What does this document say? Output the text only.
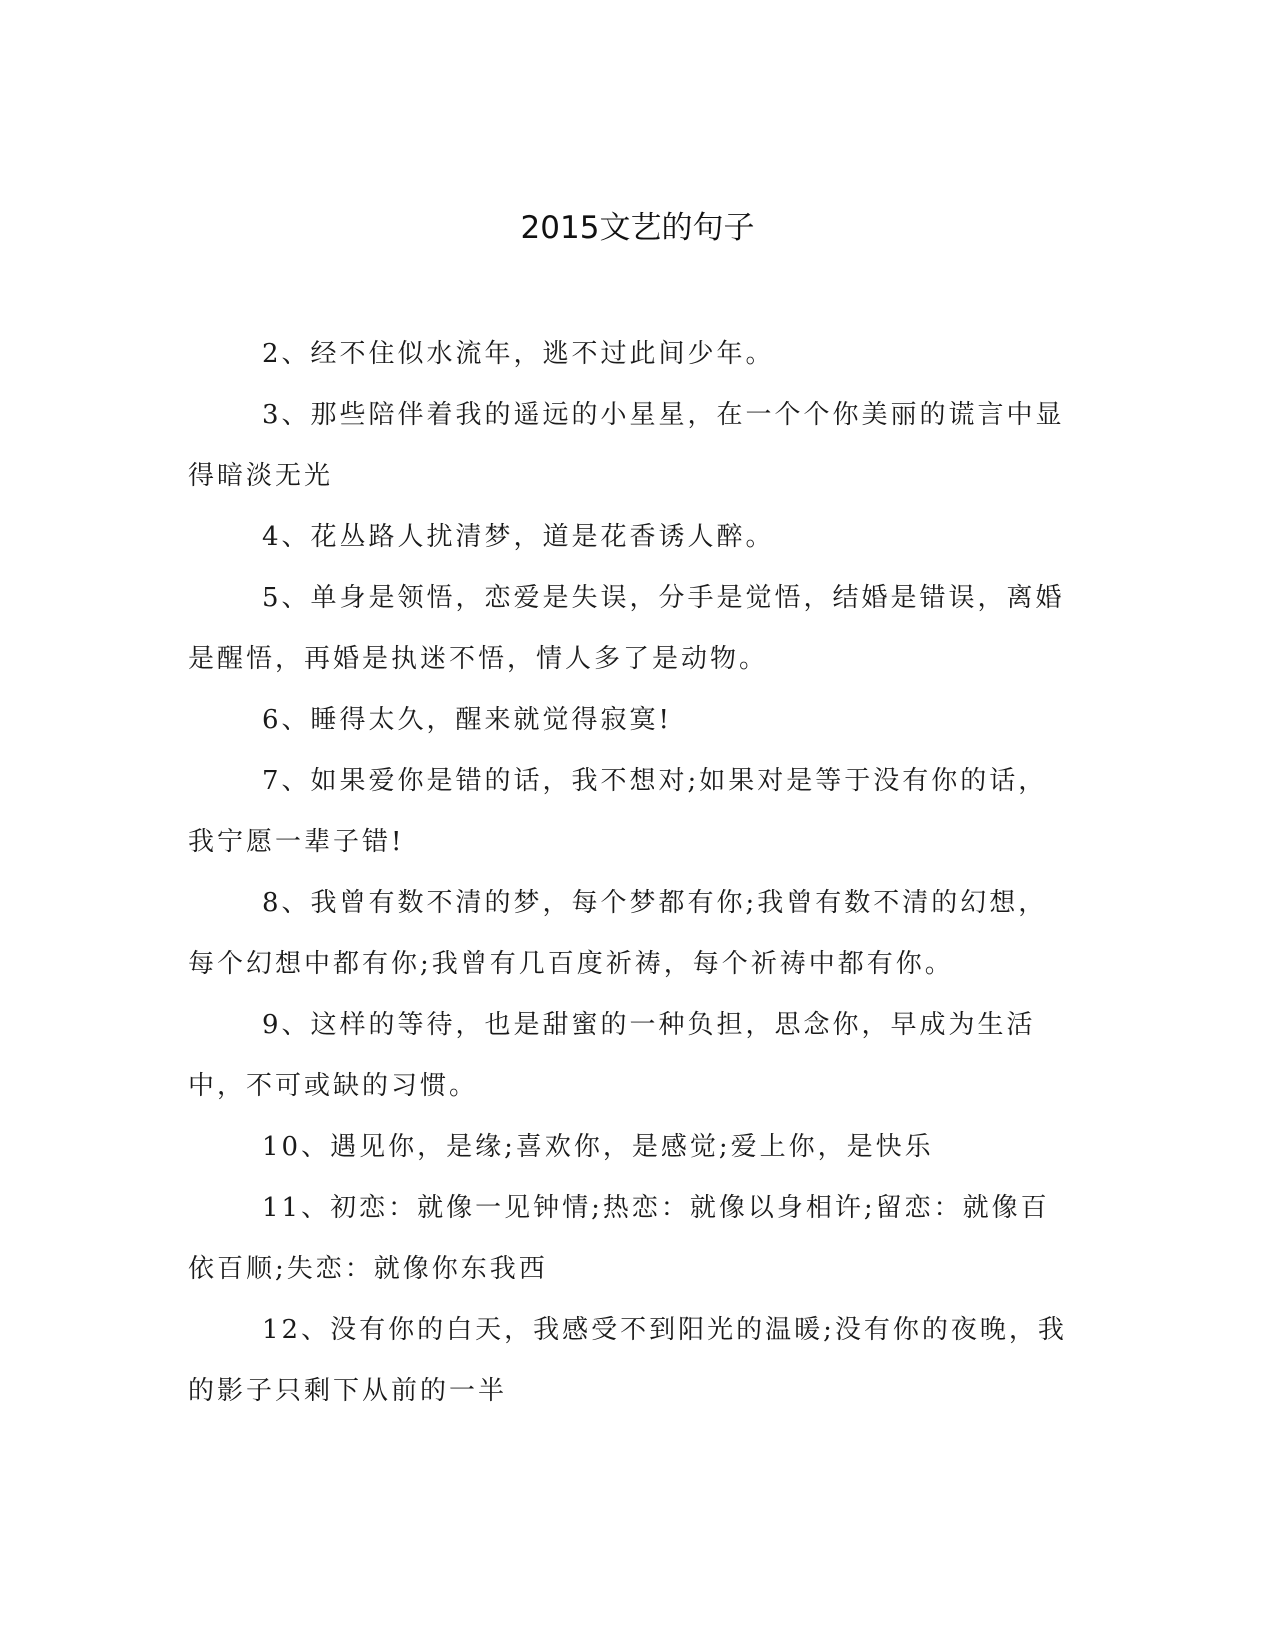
2015文艺的句子

2、经不住似水流年，逃不过此间少年。

3、那些陪伴着我的遥远的小星星，在一个个你美丽的谎言中显得暗淡无光

4、花丛路人扰清梦，道是花香诱人醉。

5、单身是领悟，恋爱是失误，分手是觉悟，结婚是错误，离婚是醒悟，再婚是执迷不悟，情人多了是动物。

6、睡得太久，醒来就觉得寂寞!

7、如果爱你是错的话，我不想对;如果对是等于没有你的话，我宁愿一辈子错!

8、我曾有数不清的梦，每个梦都有你;我曾有数不清的幻想，每个幻想中都有你;我曾有几百度祈祷，每个祈祷中都有你。

9、这样的等待，也是甜蜜的一种负担，思念你，早成为生活中，不可或缺的习惯。

10、遇见你，是缘;喜欢你，是感觉;爱上你，是快乐

11、初恋：就像一见钟情;热恋：就像以身相许;留恋：就像百依百顺;失恋：就像你东我西

12、没有你的白天，我感受不到阳光的温暖;没有你的夜晚，我的影子只剩下从前的一半
